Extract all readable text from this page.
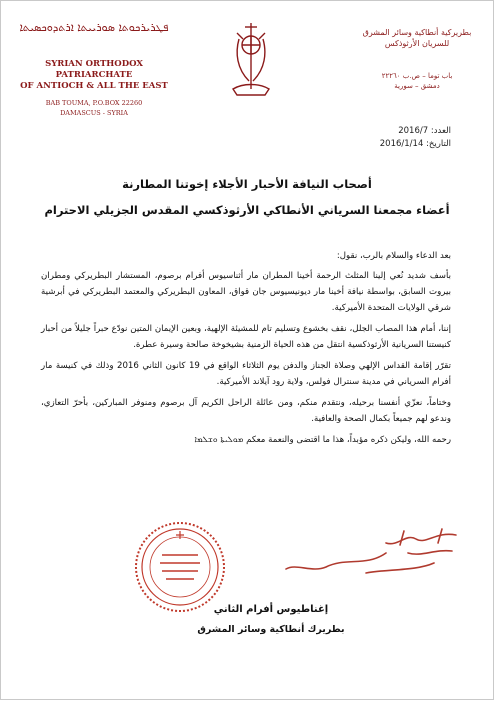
ܦܛܪܝܪܟܘܬܐ ܣܘܪܝܝܬܐ ܐܪܬܕܘܟܣܝܬܐ
SYRIAN ORTHODOX PATRIARCHATE
OF ANTIOCH & ALL THE EAST
BAB TOUMA, P.O.BOX 22260
DAMASCUS - SYRIA
بطريركية أنطاكية وسائر المشرق
للسريان الأرثوذكس
باب توما – ص.ب ٢٢٢٦٠
دمشق – سورية
العدد: 2016/7
التاريخ: 2016/1/14
أصحاب النيافة الأحبار الأجلاء إخوتنا المطارنة
أعضاء مجمعنا السرياني الأنطاكي الأرثوذكسي المقدس الجزيلي الاحترام

بعد الدعاء والسلام بالرب، نقول:

بأسف شديد نُعي إلينا المثلث الرحمة أخينا المطران مار أثناسيوس أفرام برصوم، المستشار البطريركي ومطران بيروت السابق، بواسطة نيافة أخينا مار ديونيسيوس جان قواق، المعاون البطريركي والمعتمد البطريركي في أبرشية شرقي الولايات المتحدة الأميركية.

إننا، أمام هذا المصاب الجلل، نقف بخشوع وتسليم تام للمشيئة الإلهية، وبعين الإيمان المتين نودّع حبراً جليلاً من أحبار كنيستنا السريانية الأرثوذكسية انتقل من هذه الحياة الزمنية بشيخوخة صالحة وسيرة عطرة.

تقرّر إقامة القداس الإلهي وصلاة الجناز والدفن يوم الثلاثاء الواقع في 19 كانون الثاني 2016 وذلك في كنيسة مار أفرام السرياني في مدينة سنترال فولس، ولاية رود آيلاند الأميركية.

وختاماً، نعزّي أنفسنا برحيله، ونتقدم منكم، ومن عائلة الراحل الكريم آل برصوم ومنوفر المباركين، بأحرّ التعازي، وندعو لهم جميعاً بكمال الصحة والعافية.

رحمه الله، وليكن ذكره مؤبداً، هذا ما اقتضى والنعمة معكم ܡܘܠܝܬܐ ܘܫܠܡܐ

إغناطيوس أفرام الثاني
بطريرك أنطاكية وسائر المشرق
